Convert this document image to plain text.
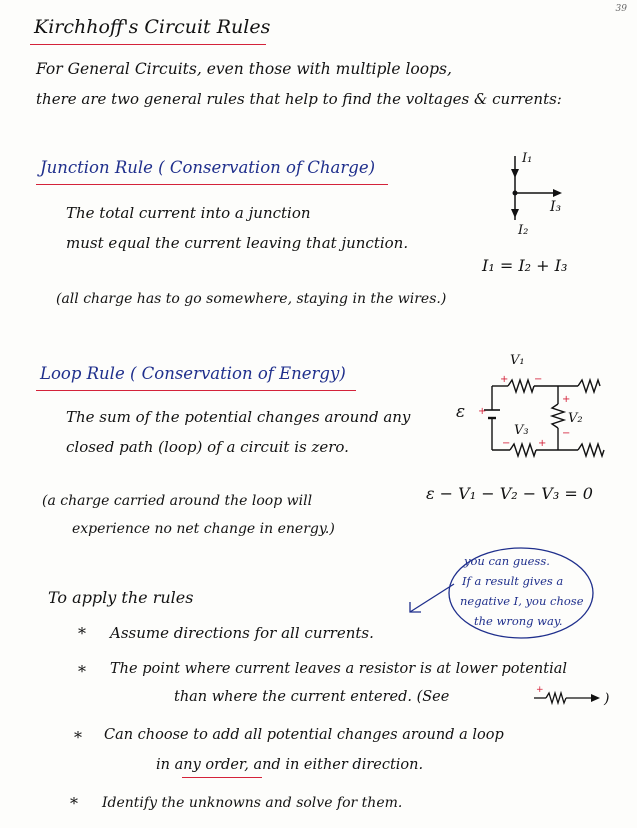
39
Kirchhoff's Circuit Rules
For General Circuits, even those with multiple loops,
there are two general rules that help to find the voltages & currents:
Junction Rule ( Conservation of Charge)
The total current into a junction
must equal the current leaving that junction.
(all charge has to go somewhere, staying in the wires.)
I₁
I₃
I₂
I₁ = I₂ + I₃
Loop Rule ( Conservation of Energy)
The sum of the potential changes around any
closed path (loop) of a circuit is zero.
(a charge carried around the loop will
experience no net change in energy.)
+	−
+
−
+
−
+
V₁
V₂
V₃
ε
ε − V₁ − V₂ − V₃ = 0
you can guess.
If a result gives a
negative I, you chose
the wrong way.
To apply the rules
* Assume directions for all currents.
* The point where current leaves a resistor is at lower potential
than where the current entered. (See	+
)
* Can choose to add all potential changes around a loop
in any order, and in either direction.
* Identify the unknowns and solve for them.
